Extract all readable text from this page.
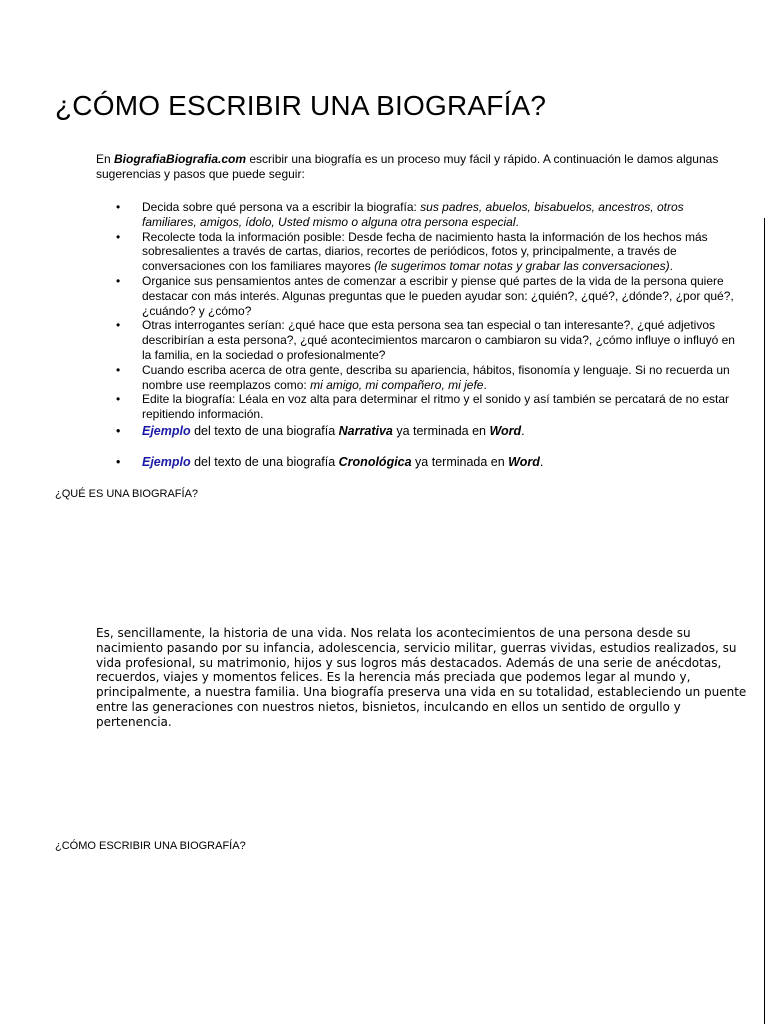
¿CÓMO ESCRIBIR UNA BIOGRAFÍA?

En BiografiaBiografia.com escribir una biografía es un proceso muy fácil y rápido. A continuación le damos algunas sugerencias y pasos que puede seguir:

• Decida sobre qué persona va a escribir la biografía: sus padres, abuelos, bisabuelos, ancestros, otros familiares, amigos, ídolo, Usted mismo o alguna otra persona especial.
• Recolecte toda la información posible: Desde fecha de nacimiento hasta la información de los hechos más sobresalientes a través de cartas, diarios, recortes de periódicos, fotos y, principalmente, a través de conversaciones con los familiares mayores (le sugerimos tomar notas y grabar las conversaciones).
• Organice sus pensamientos antes de comenzar a escribir y piense qué partes de la vida de la persona quiere destacar con más interés. Algunas preguntas que le pueden ayudar son: ¿quién?, ¿qué?, ¿dónde?, ¿por qué?, ¿cuándo? y ¿cómo?
• Otras interrogantes serían: ¿qué hace que esta persona sea tan especial o tan interesante?, ¿qué adjetivos describirían a esta persona?, ¿qué acontecimientos marcaron o cambiaron su vida?, ¿cómo influye o influyó en la familia, en la sociedad o profesionalmente?
• Cuando escriba acerca de otra gente, describa su apariencia, hábitos, fisonomía y lenguaje. Si no recuerda un nombre use reemplazos como: mi amigo, mi compañero, mi jefe.
• Edite la biografía: Léala en voz alta para determinar el ritmo y el sonido y así también se percatará de no estar repitiendo información.
• Ejemplo del texto de una biografía Narrativa ya terminada en Word.
• Ejemplo del texto de una biografía Cronológica ya terminada en Word.
¿QUÉ ES UNA BIOGRAFÍA?

Es, sencillamente, la historia de una vida. Nos relata los acontecimientos de una persona desde su nacimiento pasando por su infancia, adolescencia, servicio militar, guerras vividas, estudios realizados, su vida profesional, su matrimonio, hijos y sus logros más destacados. Además de una serie de anécdotas, recuerdos, viajes y momentos felices. Es la herencia más preciada que podemos legar al mundo y, principalmente, a nuestra familia. Una biografía preserva una vida en su totalidad, estableciendo un puente entre las generaciones con nuestros nietos, bisnietos, inculcando en ellos un sentido de orgullo y pertenencia.

¿CÓMO ESCRIBIR UNA BIOGRAFÍA?
